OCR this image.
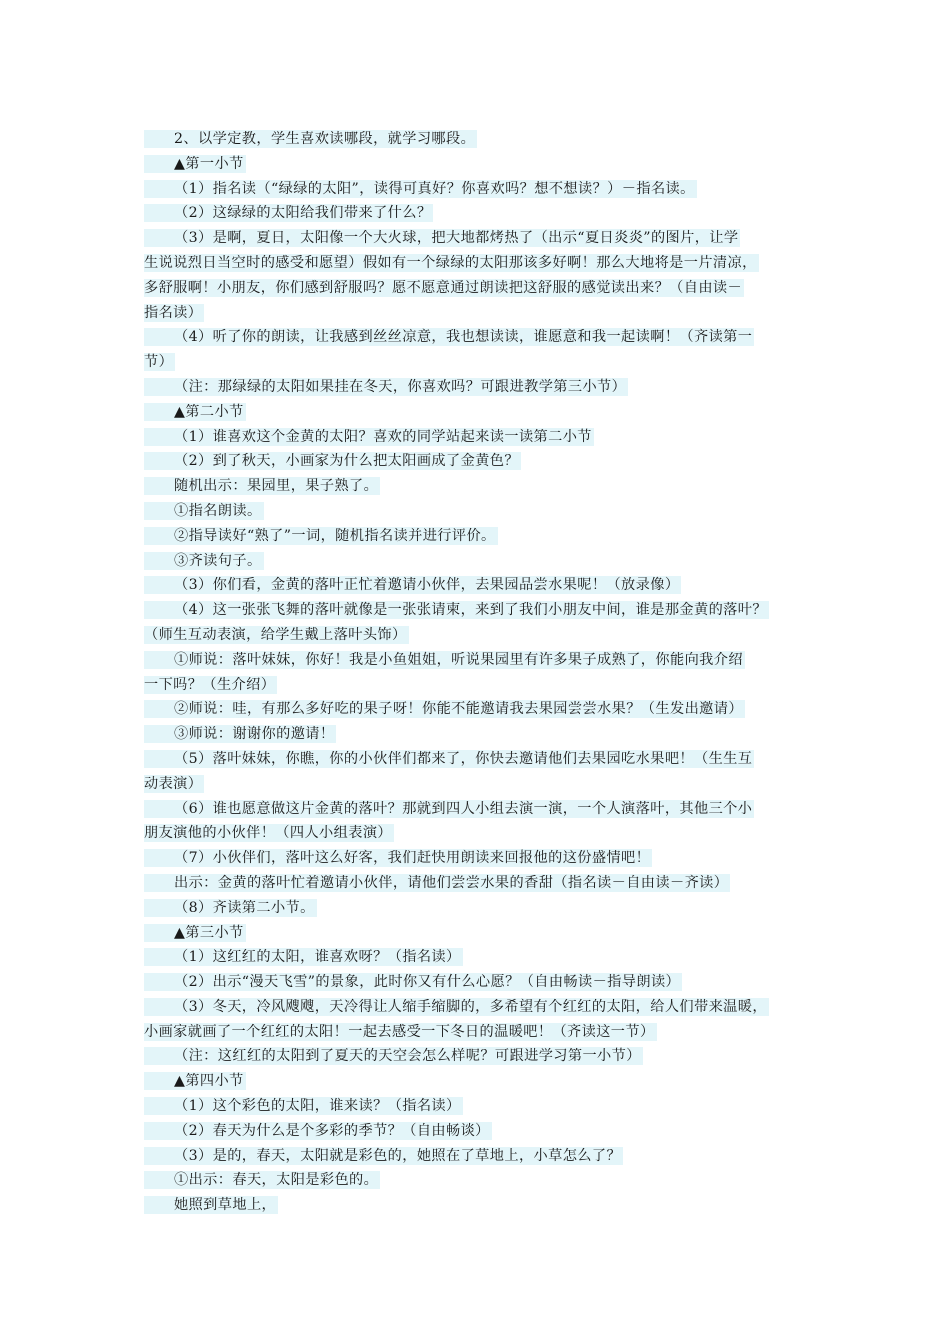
2、以学定教，学生喜欢读哪段，就学习哪段。
▲第一小节
（1）指名读（“绿绿的太阳”，读得可真好？你喜欢吗？想不想读？）－指名读。
（2）这绿绿的太阳给我们带来了什么？
（3）是啊，夏日，太阳像一个大火球，把大地都烤热了（出示“夏日炎炎”的图片，让学
生说说烈日当空时的感受和愿望）假如有一个绿绿的太阳那该多好啊！那么大地将是一片清凉，
多舒服啊！小朋友，你们感到舒服吗？愿不愿意通过朗读把这舒服的感觉读出来？（自由读－
指名读）
（4）听了你的朗读，让我感到丝丝凉意，我也想读读，谁愿意和我一起读啊！（齐读第一
节）
（注：那绿绿的太阳如果挂在冬天，你喜欢吗？可跟进教学第三小节）
▲第二小节
（1）谁喜欢这个金黄的太阳？喜欢的同学站起来读一读第二小节
（2）到了秋天，小画家为什么把太阳画成了金黄色？
随机出示：果园里，果子熟了。
①指名朗读。
②指导读好“熟了”一词，随机指名读并进行评价。
③齐读句子。
（3）你们看，金黄的落叶正忙着邀请小伙伴，去果园品尝水果呢！（放录像）
（4）这一张张飞舞的落叶就像是一张张请柬，来到了我们小朋友中间，谁是那金黄的落叶？
（师生互动表演，给学生戴上落叶头饰）
①师说：落叶妹妹，你好！我是小鱼姐姐，听说果园里有许多果子成熟了，你能向我介绍
一下吗？（生介绍）
②师说：哇，有那么多好吃的果子呀！你能不能邀请我去果园尝尝水果？（生发出邀请）
③师说：谢谢你的邀请！
（5）落叶妹妹，你瞧，你的小伙伴们都来了，你快去邀请他们去果园吃水果吧！（生生互
动表演）
（6）谁也愿意做这片金黄的落叶？那就到四人小组去演一演，一个人演落叶，其他三个小
朋友演他的小伙伴！（四人小组表演）
（7）小伙伴们，落叶这么好客，我们赶快用朗读来回报他的这份盛情吧！
出示：金黄的落叶忙着邀请小伙伴，请他们尝尝水果的香甜（指名读－自由读－齐读）
（8）齐读第二小节。
▲第三小节
（1）这红红的太阳，谁喜欢呀？（指名读）
（2）出示“漫天飞雪”的景象，此时你又有什么心愿？（自由畅读－指导朗读）
（3）冬天，冷风飕飕，天冷得让人缩手缩脚的，多希望有个红红的太阳，给人们带来温暖，
小画家就画了一个红红的太阳！一起去感受一下冬日的温暖吧！（齐读这一节）
（注：这红红的太阳到了夏天的天空会怎么样呢？可跟进学习第一小节）
▲第四小节
（1）这个彩色的太阳，谁来读？（指名读）
（2）春天为什么是个多彩的季节？（自由畅谈）
（3）是的，春天，太阳就是彩色的，她照在了草地上，小草怎么了？
①出示：春天，太阳是彩色的。
她照到草地上，
